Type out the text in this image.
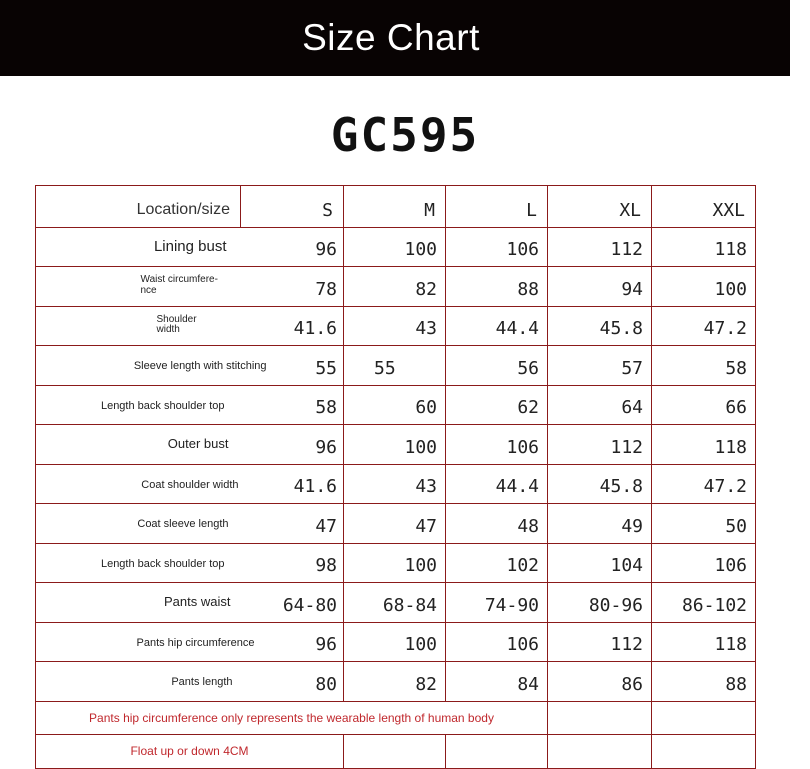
Size Chart
GC595
Location/size	S	M	L	XL	XXL
Lining bust	96	100	106	112	118
Waist circumfere-nce	78	82	88	94	100
Shoulder width	41.6	43	44.4	45.8	47.2
Sleeve length with stitching	55	55	56	57	58
Length back shoulder top	58	60	62	64	66
Outer bust	96	100	106	112	118
Coat shoulder width	41.6	43	44.4	45.8	47.2
Coat sleeve length	47	47	48	49	50
Length back shoulder top	98	100	102	104	106
Pants waist	64-80	68-84	74-90	80-96	86-102
Pants hip circumference	96	100	106	112	118
Pants length	80	82	84	86	88
Pants hip circumference only represents the wearable length of human body					
Float up or down 4CM					
